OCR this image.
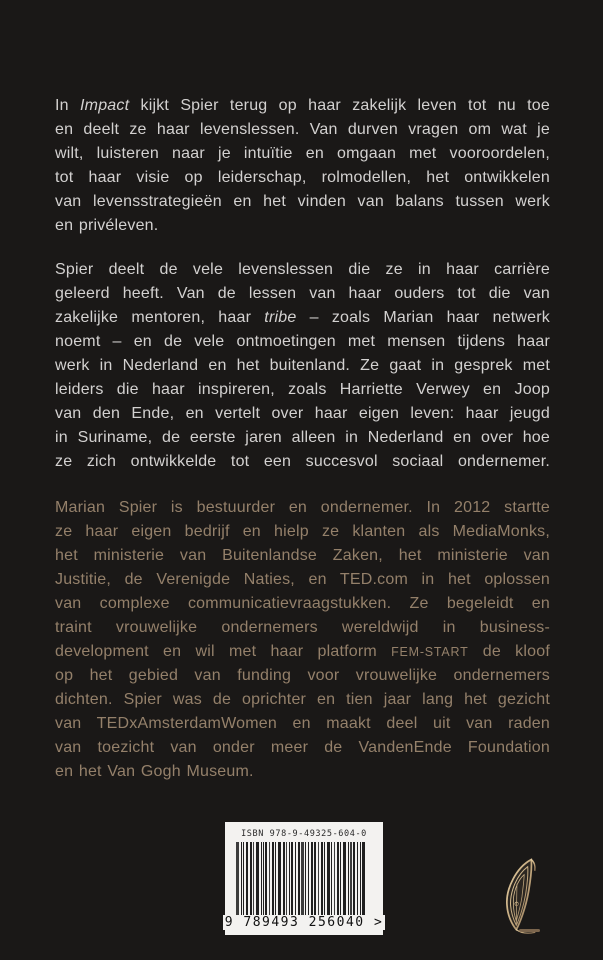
In Impact kijkt Spier terug op haar zakelijk leven tot nu toe
en deelt ze haar levenslessen. Van durven vragen om wat je
wilt, luisteren naar je intuïtie en omgaan met vooroordelen,
tot haar visie op leiderschap, rolmodellen, het ontwikkelen
van levensstrategieën en het vinden van balans tussen werk
en privéleven.
Spier deelt de vele levenslessen die ze in haar carrière
geleerd heeft. Van de lessen van haar ouders tot die van
zakelijke mentoren, haar tribe – zoals Marian haar netwerk
noemt – en de vele ontmoetingen met mensen tijdens haar
werk in Nederland en het buitenland. Ze gaat in gesprek met
leiders die haar inspireren, zoals Harriette Verwey en Joop
van den Ende, en vertelt over haar eigen leven: haar jeugd
in Suriname, de eerste jaren alleen in Nederland en over hoe
ze zich ontwikkelde tot een succesvol sociaal ondernemer.
Marian Spier is bestuurder en ondernemer. In 2012 startte
ze haar eigen bedrijf en hielp ze klanten als MediaMonks,
het ministerie van Buitenlandse Zaken, het ministerie van
Justitie, de Verenigde Naties, en TED.com in het oplossen
van complexe communicatievraagstukken. Ze begeleidt en
traint vrouwelijke ondernemers wereldwijd in business-
development en wil met haar platform FEM-START de kloof
op het gebied van funding voor vrouwelijke ondernemers
dichten. Spier was de oprichter en tien jaar lang het gezicht
van TEDxAmsterdamWomen en maakt deel uit van raden
van toezicht van onder meer de VandenEnde Foundation
en het Van Gogh Museum.
ISBN 978-9-49325-604-0
9 789493 256040 >
